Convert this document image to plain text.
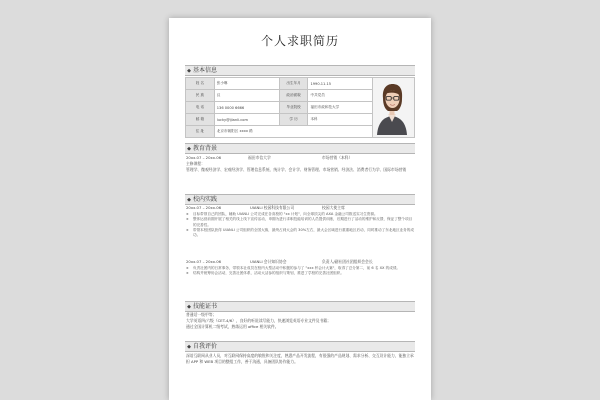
个人求职简历
◆ 基本信息
姓 名	张小琳	出生年月	1990.11.15	

民 族	汉	政治面貌	中共党员	
电 话	136 0000 6666	毕业院校	福田市政和技大学	
邮 箱	lucky@ijianli.com	学 历	本科	
住 址	北京市朝阳区 xxxx 路			
◆ 教育背景
20xx.07 – 20xx.06	福田市信大学	市场营销（本科）
主修课程：
管理学、微观经济学、宏观经济学、管理信息系统、统计学、会计学、财务管理、市场营销、经济法、消费者行为学、国际市场营销
◆ 校内实践
20xx.07 – 20xx.06	UIANLI 校园科技有限公司	校园大使主席
➤ 目标带领自己的团队，辅助 UIANLI 公司完成在各高校的 "xx 计划"，向全球顶尖的 AXA 金融公司推送实习生资源。
➤ 整体运营前期开展了相关的线上线下宣传活动，申期为进行求职技能培训的人员提供训练，后期进行了活动的维护和反馈，保证了整个项目的完善性。
➤ 带领本校团队获得 UIANLI 公司组织的全国大赛，最终占到大会的 30%左右，最大会区域进行重重地区后动，同时推动了东北地区业务的成功。
20xx.07 – 20xx.06	UIANLI 会计知识协会	负责人/副社团社团组织会会长
➤ 负责社团内的日常事务，带领本社成员在校内大型活动中积极的参与了 "xxx 杯会计大赛"，取得了总分第二，前 6 名 XX 的成绩。
➤ 结构并统筹协会活动，完善社团体系，活动大活参的组织与策划，推进了学校的完善社团组织。
◆ 技能证书
普通话一级甲等；
大学英语四/六级（CET-4/6），良好的听说读写能力，快速浏览英语专业文件及书籍；
通过全国计算机二级考试，熟练运用 office 相关软件。
◆ 自我评价
深谙互联网从业人员，对互联网保持高度的敏锐和关注度，熟悉产品开发流程，有很强的产品规划、需求分析、交互设计能力，能独立承担 APP 和 WEB 项目的整组工作，善于沟通，具备团队协作能力。
